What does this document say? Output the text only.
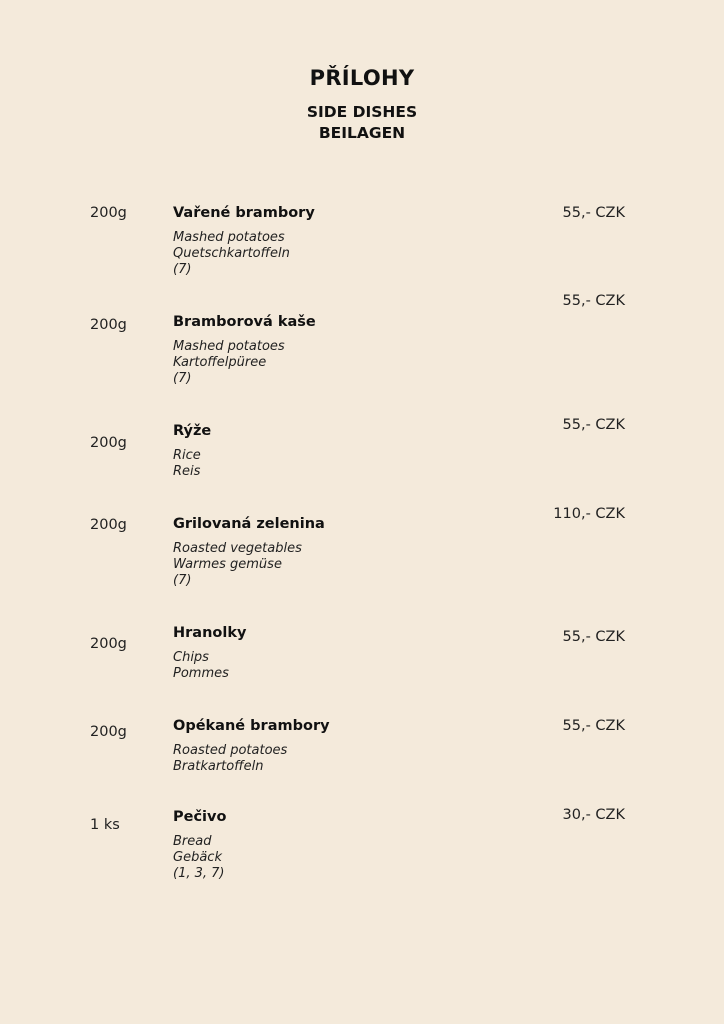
PŘÍLOHY
SIDE DISHES
BEILAGEN
200g	Vařené brambory
Mashed potatoes
Quetschkartoffeln
(7)
55,- CZK
200g	Bramborová kaše
Mashed potatoes
Kartoffelpüree
(7)
55,- CZK
200g
Rýže
Rice
Reis
55,- CZK
200g	Grilovaná zelenina
Roasted vegetables
Warmes gemüse
(7)
110,- CZK
200g
Hranolky
Chips
Pommes
55,- CZK
200g	Opékané brambory
Roasted potatoes
Bratkartoffeln
55,- CZK
1 ks	Pečivo
Bread
Gebäck
(1, 3, 7)
30,- CZK
